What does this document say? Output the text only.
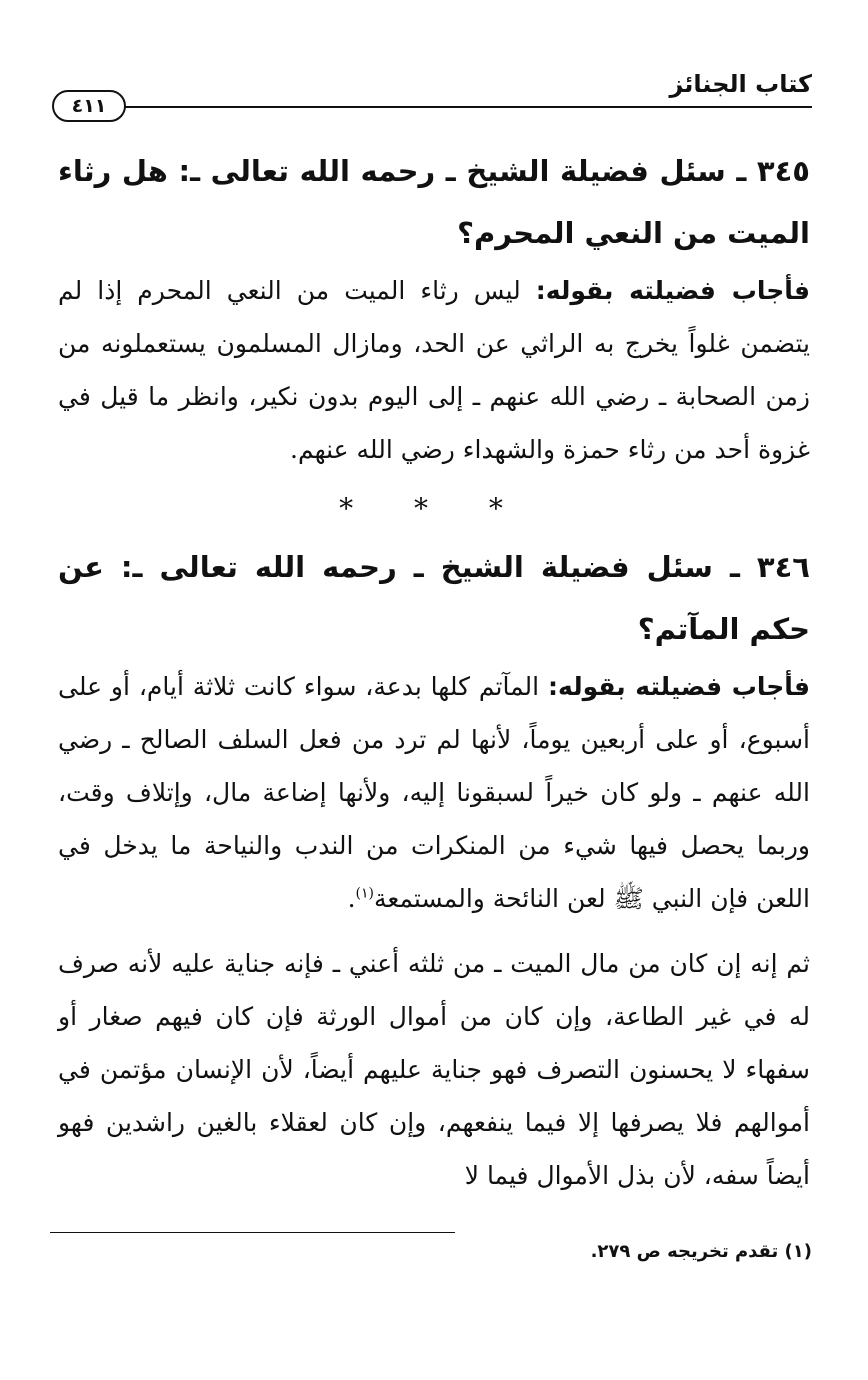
كتاب الجنائز
٤١١

٣٤٥ ـ سئل فضيلة الشيخ ـ رحمه الله تعالى ـ: هل رثاء الميت من النعي المحرم؟

فأجاب فضيلته بقوله: ليس رثاء الميت من النعي المحرم إذا لم يتضمن غلواً يخرج به الراثي عن الحد، ومازال المسلمون يستعملونه من زمن الصحابة ـ رضي الله عنهم ـ إلى اليوم بدون نكير، وانظر ما قيل في غزوة أحد من رثاء حمزة والشهداء رضي الله عنهم.

* * *

٣٤٦ ـ سئل فضيلة الشيخ ـ رحمه الله تعالى ـ: عن حكم المآتم؟

فأجاب فضيلته بقوله: المآتم كلها بدعة، سواء كانت ثلاثة أيام، أو على أسبوع، أو على أربعين يوماً، لأنها لم ترد من فعل السلف الصالح ـ رضي الله عنهم ـ ولو كان خيراً لسبقونا إليه، ولأنها إضاعة مال، وإتلاف وقت، وربما يحصل فيها شيء من المنكرات من الندب والنياحة ما يدخل في اللعن فإن النبي ﷺ لعن النائحة والمستمعة$^{(١)}$.

ثم إنه إن كان من مال الميت ـ من ثلثه أعني ـ فإنه جناية عليه لأنه صرف له في غير الطاعة، وإن كان من أموال الورثة فإن كان فيهم صغار أو سفهاء لا يحسنون التصرف فهو جناية عليهم أيضاً، لأن الإنسان مؤتمن في أموالهم فلا يصرفها إلا فيما ينفعهم، وإن كان لعقلاء بالغين راشدين فهو أيضاً سفه، لأن بذل الأموال فيما لا

(١) تقدم تخريجه ص ٢٧٩.
